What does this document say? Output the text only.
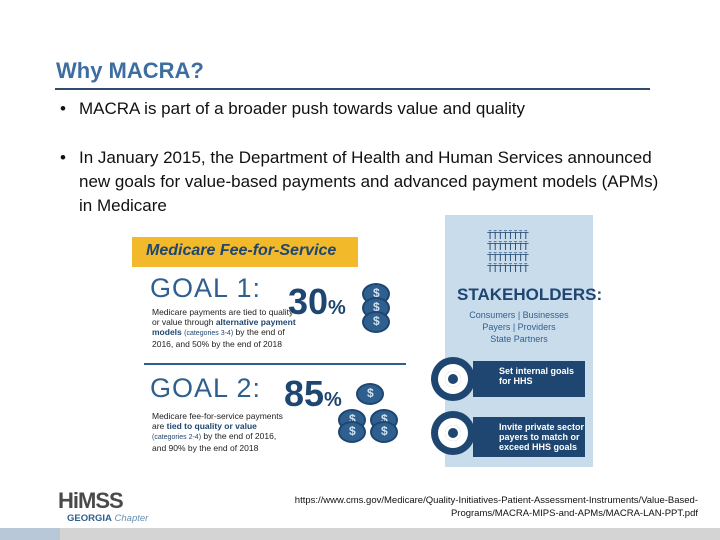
Why MACRA?
• MACRA is part of a broader push towards value and quality
• In January 2015, the Department of Health and Human Services announced new goals for value-based payments and advanced payment models (APMs) in Medicare
Medicare Fee-for-Service
GOAL 1: 30%
Medicare payments are tied to quality or value through alternative payment models (categories 3-4) by the end of 2016, and 50% by the end of 2018
$
$
$
GOAL 2: 85%
Medicare fee-for-service payments are tied to quality or value (categories 2-4) by the end of 2016, and 90% by the end of 2018
$
$
$
$
$
ŤŤŤŤŤŤŤŤ ŤŤŤŤŤŤŤŤ ŤŤŤŤŤŤŤŤ ŤŤŤŤŤŤŤŤ
STAKEHOLDERS:
Consumers | Businesses
Payers | Providers
State Partners
Set internal goals for HHS
Invite private sector payers to match or exceed HHS goals
https://www.cms.gov/Medicare/Quality-Initiatives-Patient-Assessment-Instruments/Value-Based-Programs/MACRA-MIPS-and-APMs/MACRA-LAN-PPT.pdf
HiMSS
GEORGIA Chapter
